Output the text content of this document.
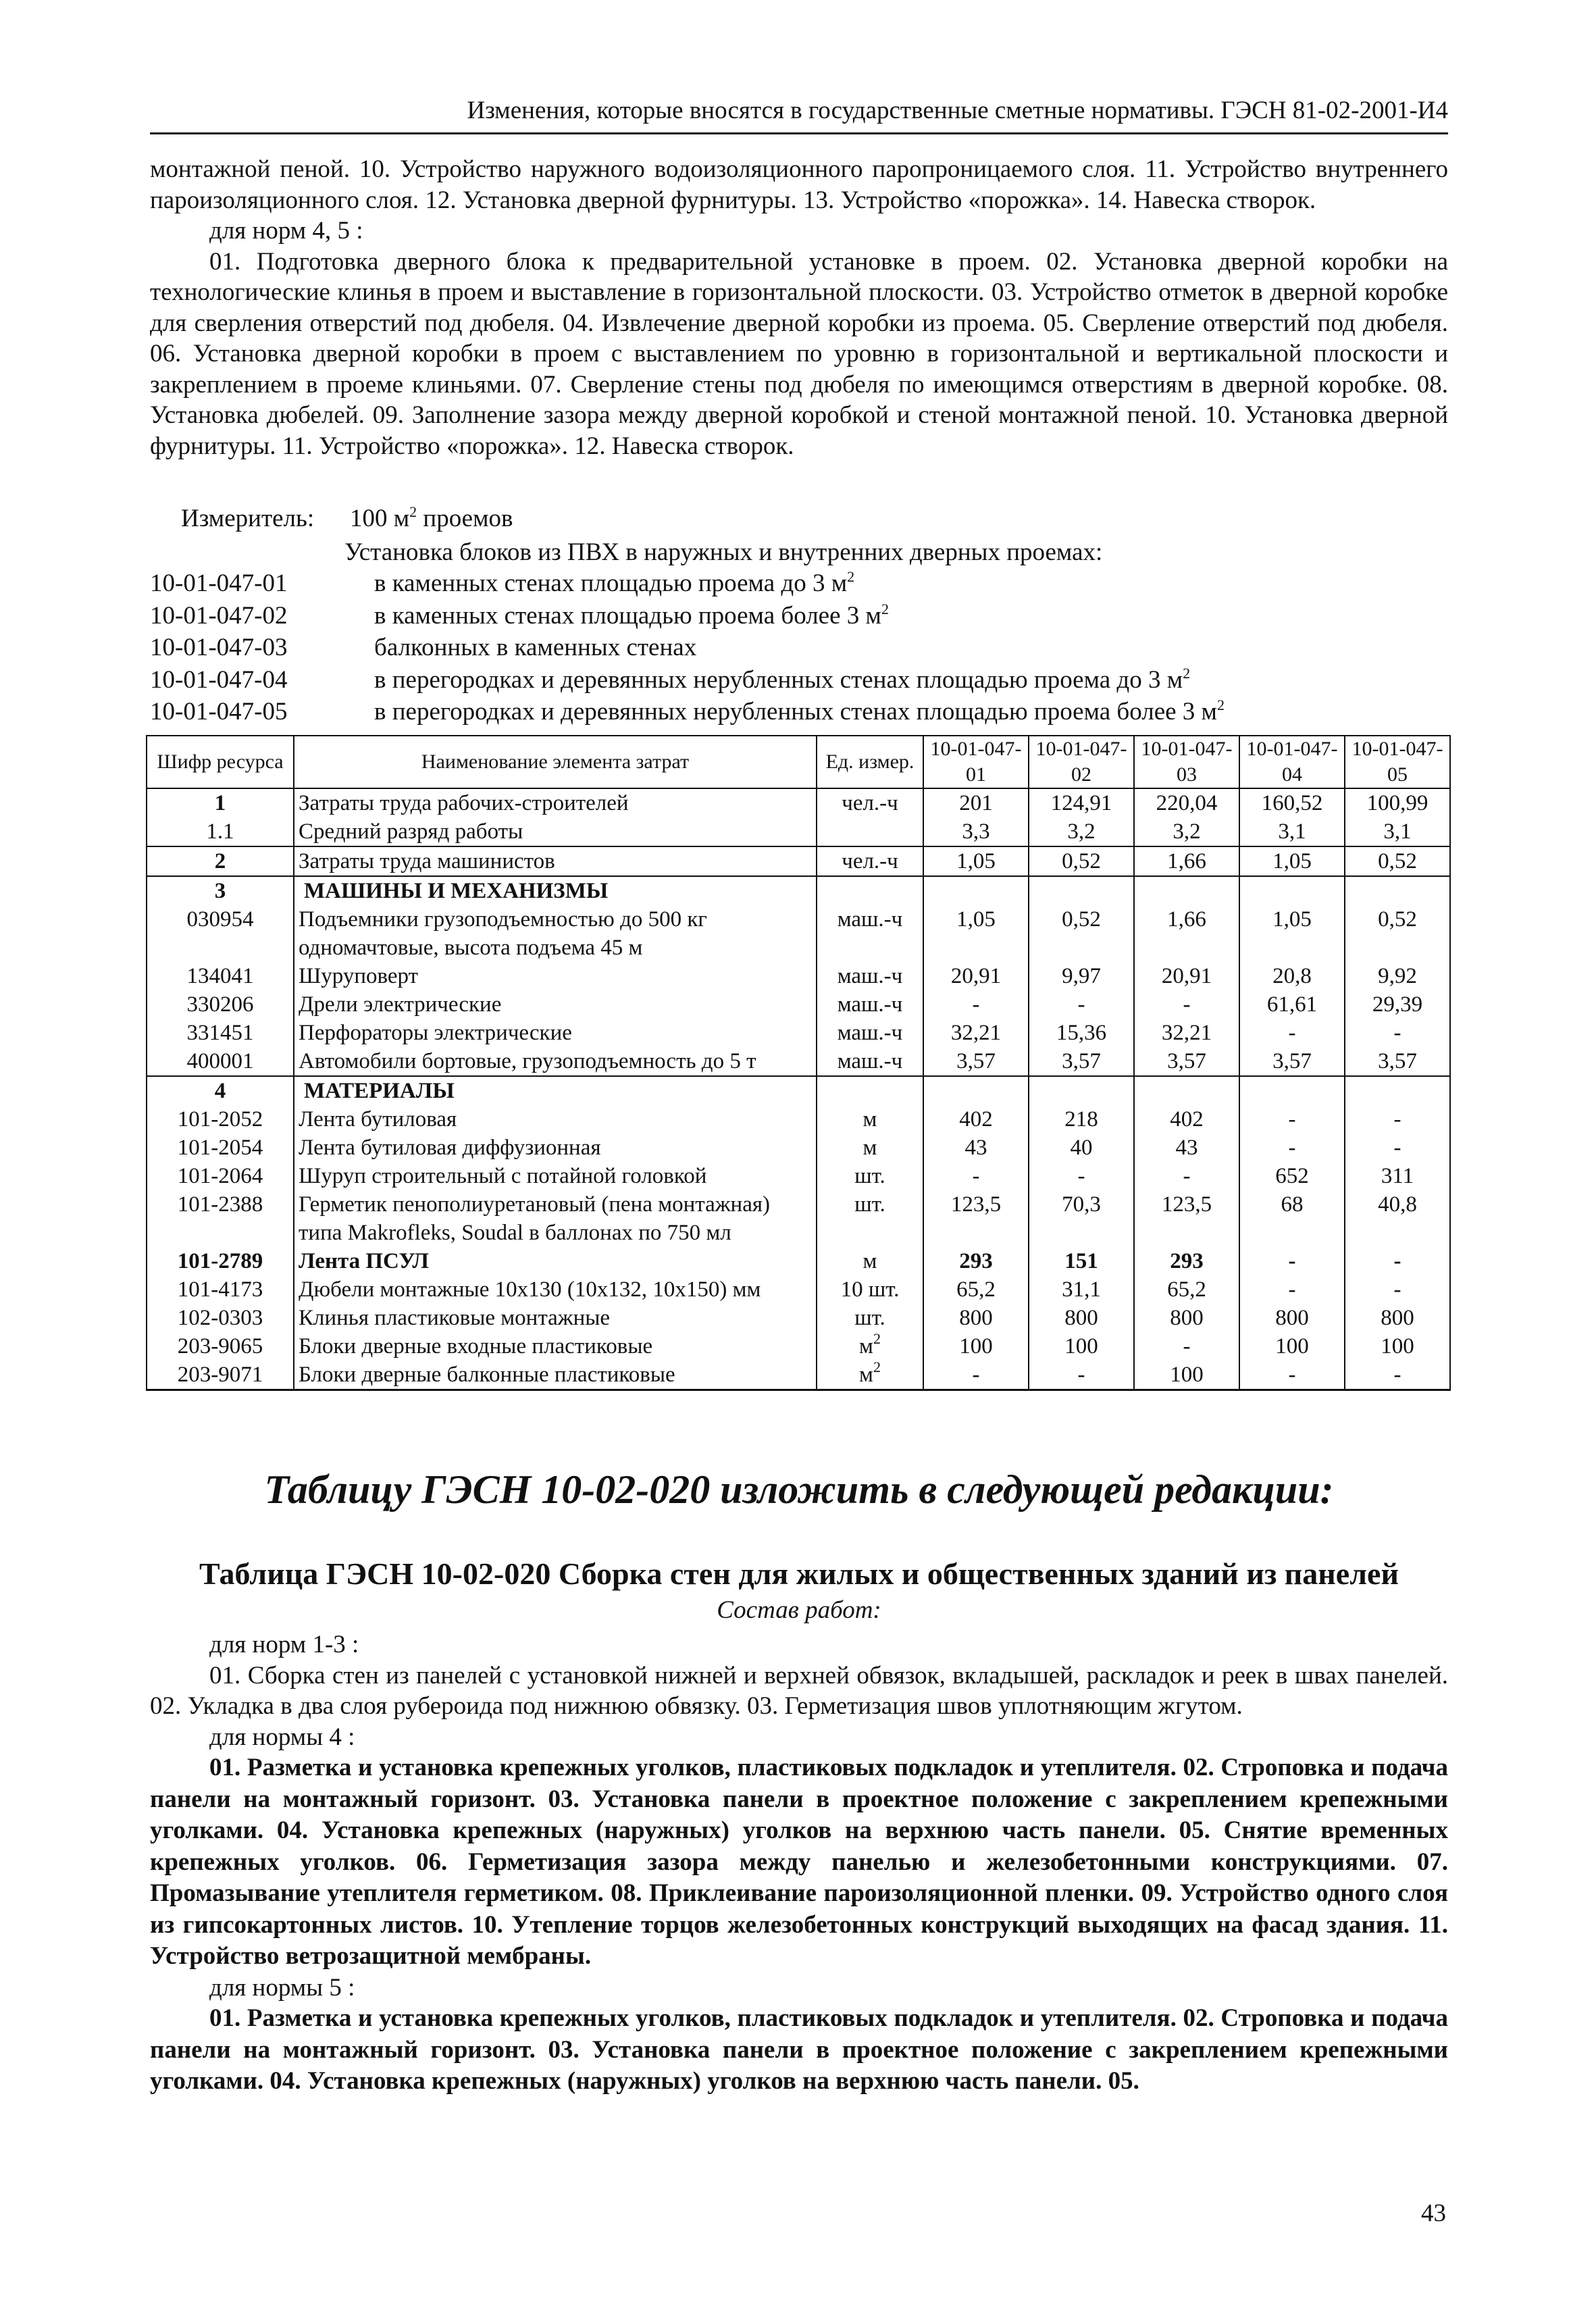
Изменения, которые вносятся в государственные сметные нормативы. ГЭСН 81-02-2001-И4

монтажной пеной. 10. Устройство наружного водоизоляционного паропроницаемого слоя. 11. Устройство внутреннего пароизоляционного слоя. 12. Установка дверной фурнитуры. 13. Устройство «порожка». 14. Навеска створок.

для норм 4, 5 :

01. Подготовка дверного блока к предварительной установке в проем. 02. Установка дверной коробки на технологические клинья в проем и выставление в горизонтальной плоскости. 03. Устройство отметок в дверной коробке для сверления отверстий под дюбеля. 04. Извлечение дверной коробки из проема. 05. Сверление отверстий под дюбеля. 06. Установка дверной коробки в проем с выставлением по уровню в горизонтальной и вертикальной плоскости и закреплением в проеме клиньями. 07. Сверление стены под дюбеля по имеющимся отверстиям в дверной коробке. 08. Установка дюбелей. 09. Заполнение зазора между дверной коробкой и стеной монтажной пеной. 10. Установка дверной фурнитуры. 11. Устройство «порожка». 12. Навеска створок.

Измеритель: 100 $м^2$ проемов
Установка блоков из ПВХ в наружных и внутренних дверных проемах:
10-01-047-01	в каменных стенах площадью проема до 3 $м^2$
10-01-047-02	в каменных стенах площадью проема более 3 $м^2$
10-01-047-03	балконных в каменных стенах
10-01-047-04	в перегородках и деревянных нерубленных стенах площадью проема до 3 $м^2$
10-01-047-05	в перегородках и деревянных нерубленных стенах площадью проема более 3 $м^2$
Шифр ресурса	Наименование элемента затрат	Ед. измер.	10-01-047-01	10-01-047-02	10-01-047-03	10-01-047-04	10-01-047-05
1	Затраты труда рабочих-строителей	чел.-ч	201	124,91	220,04	160,52	100,99
1.1	Средний разряд работы		3,3	3,2	3,2	3,1	3,1
2	Затраты труда машинистов	чел.-ч	1,05	0,52	1,66	1,05	0,52
3	МАШИНЫ И МЕХАНИЗМЫ						
030954	Подъемники грузоподъемностью до 500 кг одномачтовые, высота подъема 45 м	маш.-ч	1,05	0,52	1,66	1,05	0,52
134041	Шуруповерт	маш.-ч	20,91	9,97	20,91	20,8	9,92
330206	Дрели электрические	маш.-ч	-	-	-	61,61	29,39
331451	Перфораторы электрические	маш.-ч	32,21	15,36	32,21	-	-
400001	Автомобили бортовые, грузоподъемность до 5 т	маш.-ч	3,57	3,57	3,57	3,57	3,57
4	МАТЕРИАЛЫ						
101-2052	Лента бутиловая	м	402	218	402	-	-
101-2054	Лента бутиловая диффузионная	м	43	40	43	-	-
101-2064	Шуруп строительный с потайной головкой	шт.	-	-	-	652	311
101-2388	Герметик пенополиуретановый (пена монтажная) типа Makrofleks, Soudal в баллонах по 750 мл	шт.	123,5	70,3	123,5	68	40,8
101-2789	Лента ПСУЛ	м	293	151	293	-	-
101-4173	Дюбели монтажные 10х130 (10х132, 10х150) мм	10 шт.	65,2	31,1	65,2	-	-
102-0303	Клинья пластиковые монтажные	шт.	800	800	800	800	800
203-9065	Блоки дверные входные пластиковые	$м^2$	100	100	-	100	100
203-9071	Блоки дверные балконные пластиковые	$м^2$	-	-	100	-	-
Таблицу ГЭСН 10-02-020 изложить в следующей редакции:
Таблица ГЭСН 10-02-020 Сборка стен для жилых и общественных зданий из панелей
Состав работ:

для норм 1-3 :

01. Сборка стен из панелей с установкой нижней и верхней обвязок, вкладышей, раскладок и реек в швах панелей. 02. Укладка в два слоя рубероида под нижнюю обвязку. 03. Герметизация швов уплотняющим жгутом.

для нормы 4 :

01. Разметка и установка крепежных уголков, пластиковых подкладок и утеплителя. 02. Строповка и подача панели на монтажный горизонт. 03. Установка панели в проектное положение с закреплением крепежными уголками. 04. Установка крепежных (наружных) уголков на верхнюю часть панели. 05. Снятие временных крепежных уголков. 06. Герметизация зазора между панелью и железобетонными конструкциями. 07. Промазывание утеплителя герметиком. 08. Приклеивание пароизоляционной пленки. 09. Устройство одного слоя из гипсокартонных листов. 10. Утепление торцов железобетонных конструкций выходящих на фасад здания. 11. Устройство ветрозащитной мембраны.

для нормы 5 :

01. Разметка и установка крепежных уголков, пластиковых подкладок и утеплителя. 02. Строповка и подача панели на монтажный горизонт. 03. Установка панели в проектное положение с закреплением крепежными уголками. 04. Установка крепежных (наружных) уголков на верхнюю часть панели. 05.

43
